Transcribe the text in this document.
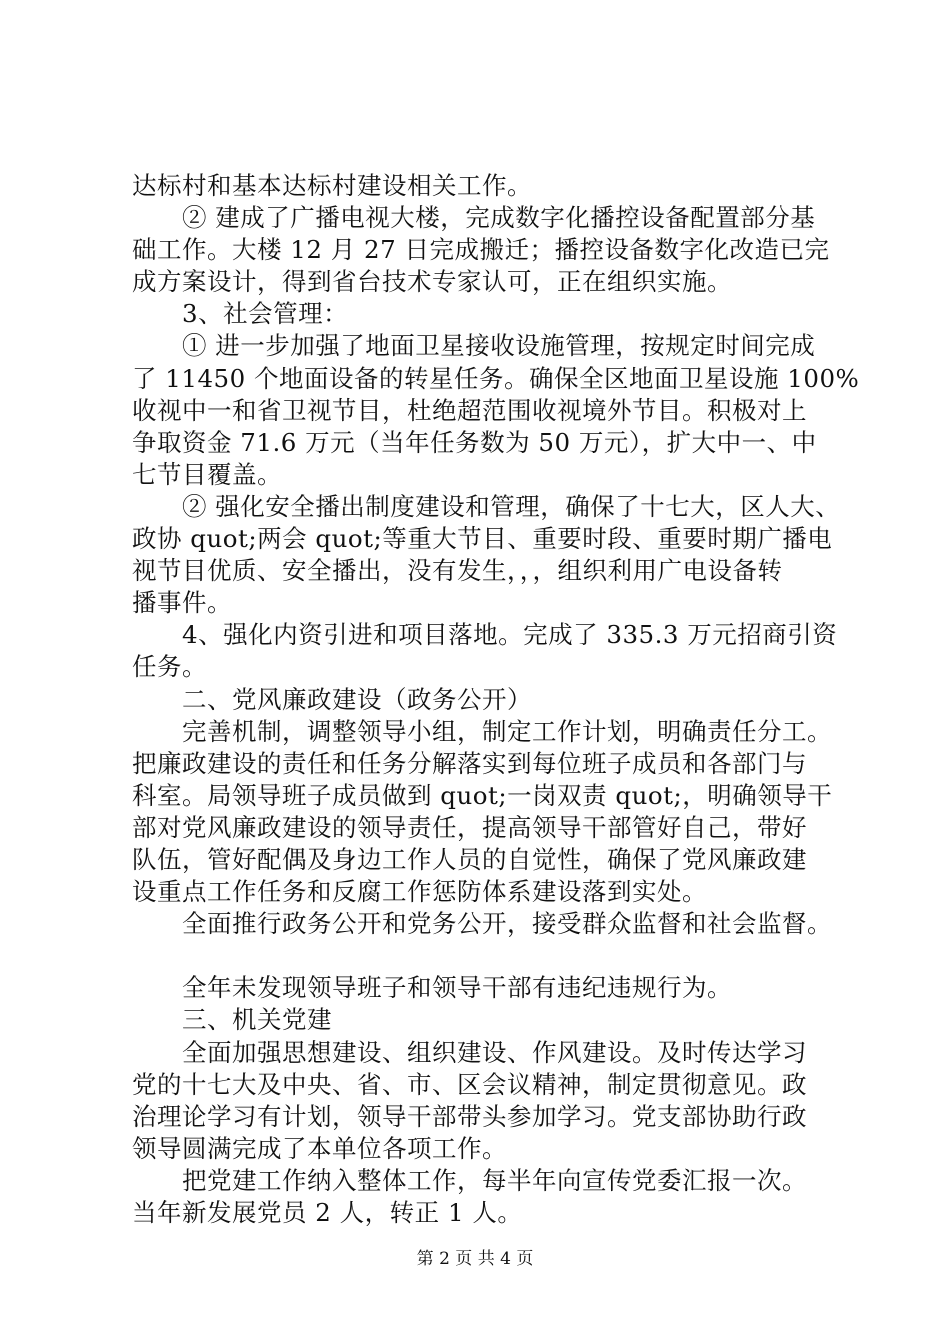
达标村和基本达标村建设相关工作。
② 建成了广播电视大楼，完成数字化播控设备配置部分基
础工作。大楼 12 月 27 日完成搬迁；播控设备数字化改造已完
成方案设计，得到省台技术专家认可，正在组织实施。
3、社会管理：
① 进一步加强了地面卫星接收设施管理，按规定时间完成
了 11450 个地面设备的转星任务。确保全区地面卫星设施 100%
收视中一和省卫视节目，杜绝超范围收视境外节目。积极对上
争取资金 71.6 万元（当年任务数为 50 万元），扩大中一、中
七节目覆盖。
② 强化安全播出制度建设和管理，确保了十七大，区人大、
政协 quot;两会 quot;等重大节目、重要时段、重要时期广播电
视节目优质、安全播出，没有发生，，，组织利用广电设备转
播事件。
4、强化内资引进和项目落地。完成了 335.3 万元招商引资
任务。
二、党风廉政建设（政务公开）
完善机制，调整领导小组，制定工作计划，明确责任分工。
把廉政建设的责任和任务分解落实到每位班子成员和各部门与
科室。局领导班子成员做到 quot;一岗双责 quot;，明确领导干
部对党风廉政建设的领导责任，提高领导干部管好自己，带好
队伍，管好配偶及身边工作人员的自觉性，确保了党风廉政建
设重点工作任务和反腐工作惩防体系建设落到实处。
全面推行政务公开和党务公开，接受群众监督和社会监督。
全年未发现领导班子和领导干部有违纪违规行为。
三、机关党建
全面加强思想建设、组织建设、作风建设。及时传达学习
党的十七大及中央、省、市、区会议精神，制定贯彻意见。政
治理论学习有计划，领导干部带头参加学习。党支部协助行政
领导圆满完成了本单位各项工作。
把党建工作纳入整体工作，每半年向宣传党委汇报一次。
当年新发展党员 2 人，转正 1 人。
第 2 页 共 4 页
